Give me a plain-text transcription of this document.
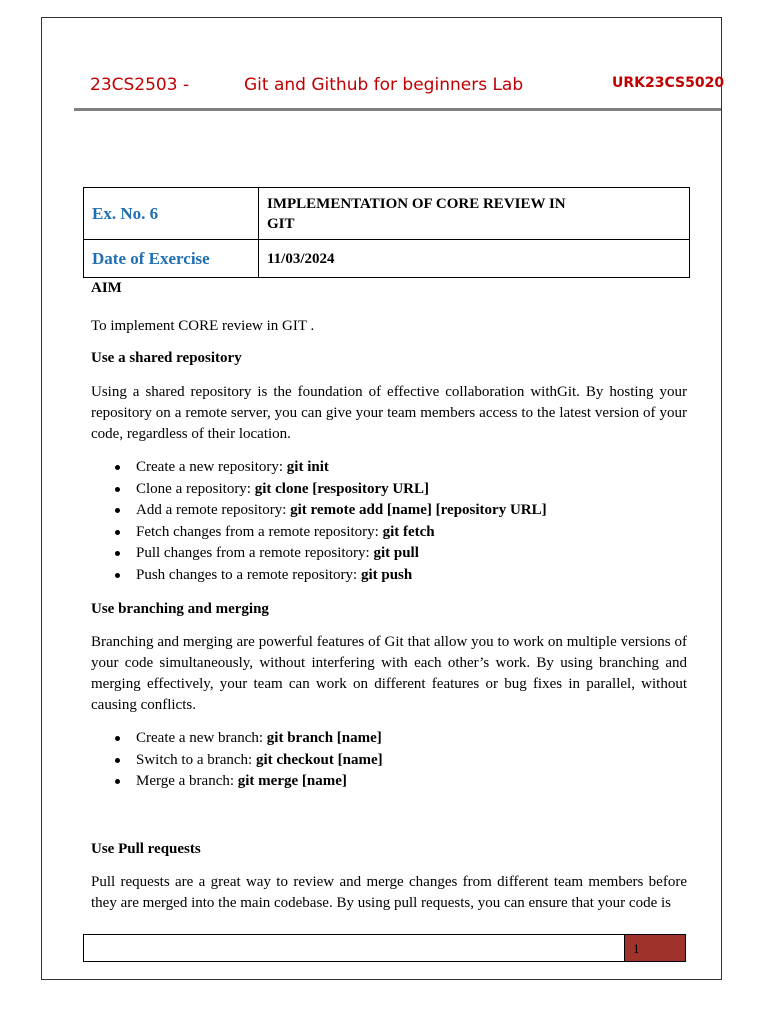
23CS2503 -	Git and Github for beginners Lab	URK23CS5020
Ex. No. 6	IMPLEMENTATION OF CORE REVIEW IN
GIT

Date of Exercise	11/03/2024
AIM
To implement CORE review in GIT .
Use a shared repository
Using a shared repository is the foundation of effective collaboration withGit. By hosting your repository on a remote server, you can give your team members access to the latest version of your code, regardless of their location.
Create a new repository: git init
Clone a repository: git clone [respository URL]
Add a remote repository: git remote add [name] [repository URL]
Fetch changes from a remote repository: git fetch
Pull changes from a remote repository: git pull
Push changes to a remote repository: git push
Use branching and merging
Branching and merging are powerful features of Git that allow you to work on multiple versions of your code simultaneously, without interfering with each other’s work. By using branching and merging effectively, your team can work on different features or bug fixes in parallel, without causing conflicts.
Create a new branch: git branch [name]
Switch to a branch: git checkout [name]
Merge a branch: git merge [name]
Use Pull requests
Pull requests are a great way to review and merge changes from different team members before they are merged into the main codebase. By using pull requests, you can ensure that your code is
1
